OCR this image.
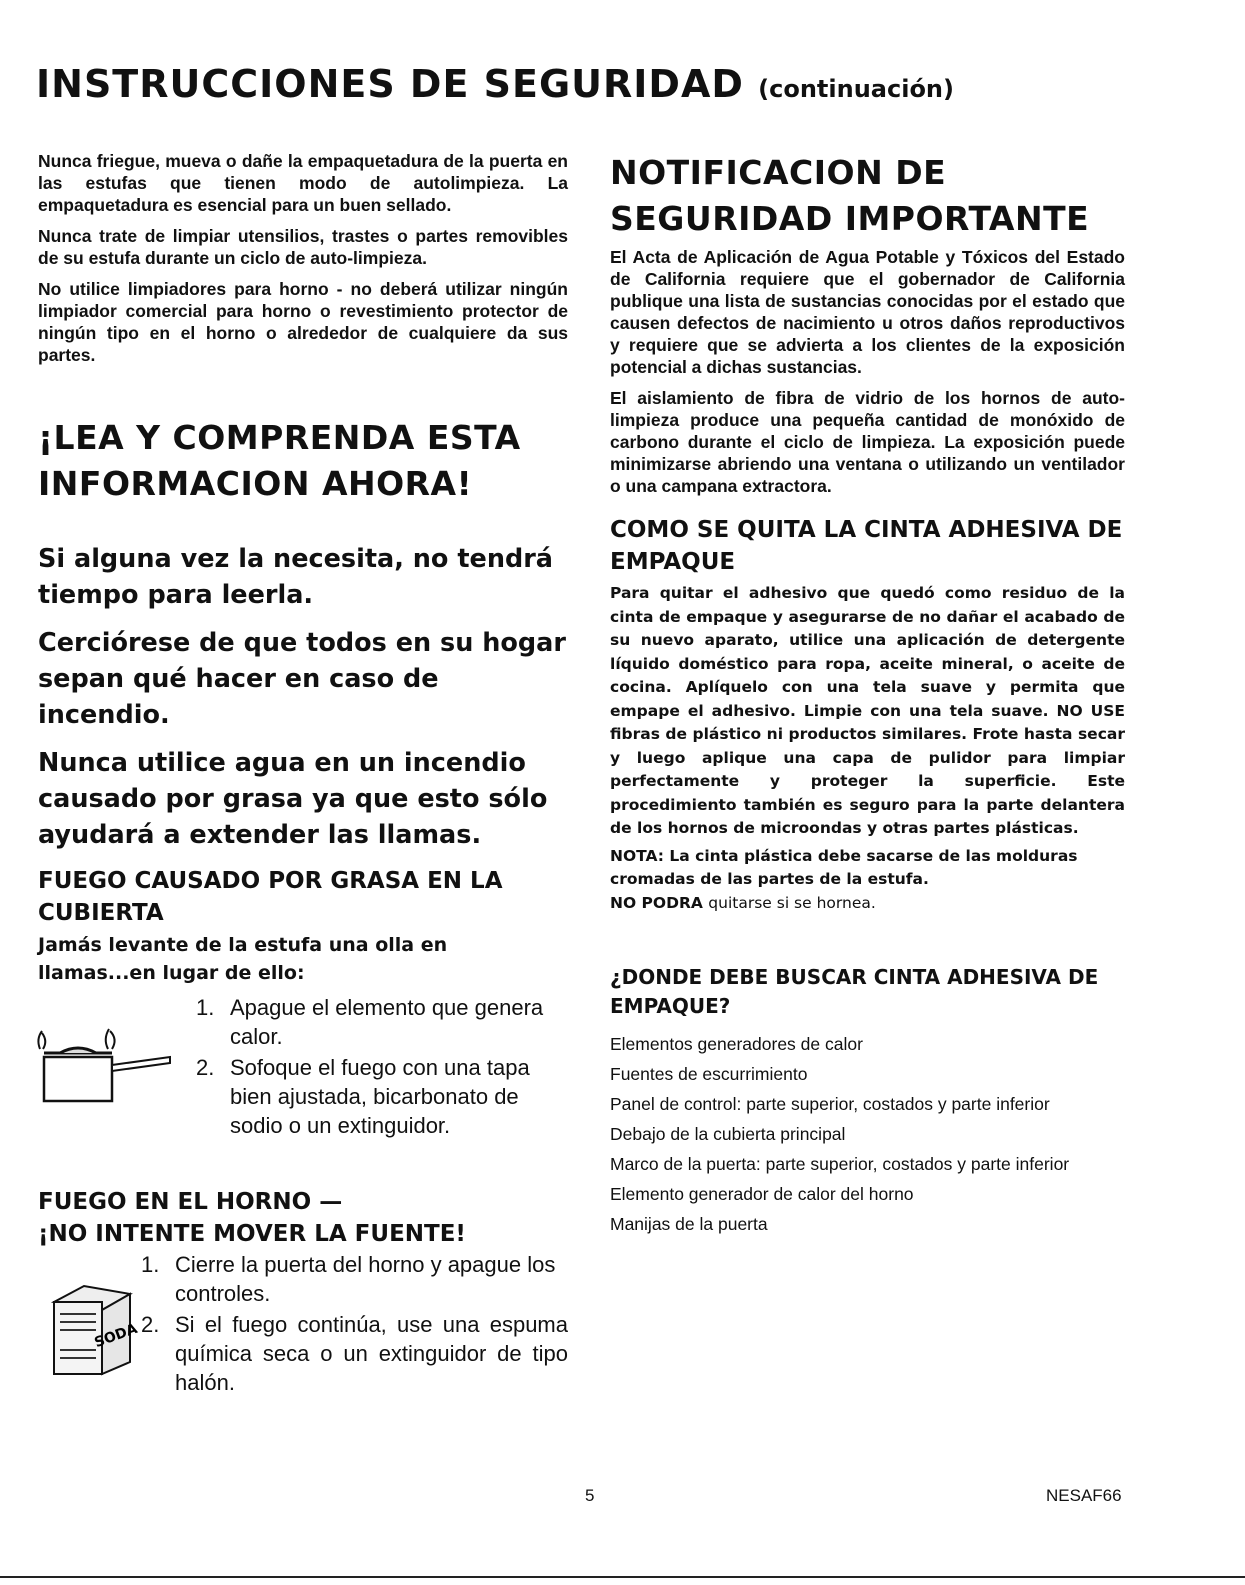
INSTRUCCIONES DE SEGURIDAD (continuación)

Nunca friegue, mueva o dañe la empaquetadura de la puerta en las estufas que tienen modo de autolimpieza. La empaquetadura es esencial para un buen sellado.

Nunca trate de limpiar utensilios, trastes o partes removibles de su estufa durante un ciclo de auto-limpieza.

No utilice limpiadores para horno - no deberá utilizar ningún limpiador comercial para horno o revestimiento protector de ningún tipo en el horno o alrededor de cualquiere da sus partes.

¡LEA Y COMPRENDA ESTA INFORMACION AHORA!

Si alguna vez la necesita, no tendrá tiempo para leerla.

Cerciórese de que todos en su hogar sepan qué hacer en caso de incendio.

Nunca utilice agua en un incendio causado por grasa ya que esto sólo ayudará a extender las llamas.

FUEGO CAUSADO POR GRASA EN LA CUBIERTA

Jamás levante de la estufa una olla en llamas...en lugar de ello:

1. Apague el elemento que genera calor.
2. Sofoque el fuego con una tapa bien ajustada, bicarbonato de sodio o un extinguidor.
FUEGO EN EL HORNO —
¡NO INTENTE MOVER LA FUENTE!
SODA
1. Cierre la puerta del horno y apague los controles.
2. Si el fuego continúa, use una espuma química seca o un extinguidor de tipo halón.
NOTIFICACION DE SEGURIDAD IMPORTANTE

El Acta de Aplicación de Agua Potable y Tóxicos del Estado de California requiere que el gobernador de California publique una lista de sustancias conocidas por el estado que causen defectos de nacimiento u otros daños reproductivos y requiere que se advierta a los clientes de la exposición potencial a dichas sustancias.

El aislamiento de fibra de vidrio de los hornos de auto-limpieza produce una pequeña cantidad de monóxido de carbono durante el ciclo de limpieza. La exposición puede minimizarse abriendo una ventana o utilizando un ventilador o una campana extractora.

COMO SE QUITA LA CINTA ADHESIVA DE EMPAQUE

Para quitar el adhesivo que quedó como residuo de la cinta de empaque y asegurarse de no dañar el acabado de su nuevo aparato, utilice una aplicación de detergente líquido doméstico para ropa, aceite mineral, o aceite de cocina. Aplíquelo con una tela suave y permita que empape el adhesivo. Limpie con una tela suave. NO USE fibras de plástico ni productos similares. Frote hasta secar y luego aplique una capa de pulidor para limpiar perfectamente y proteger la superficie. Este procedimiento también es seguro para la parte delantera de los hornos de microondas y otras partes plásticas.

NOTA: La cinta plástica debe sacarse de las molduras cromadas de las partes de la estufa.

NO PODRA quitarse si se hornea.

¿DONDE DEBE BUSCAR CINTA ADHESIVA DE EMPAQUE?

Elementos generadores de calor

Fuentes de escurrimiento

Panel de control: parte superior, costados y parte inferior

Debajo de la cubierta principal

Marco de la puerta: parte superior, costados y parte inferior

Elemento generador de calor del horno

Manijas de la puerta

5	NESAF66
